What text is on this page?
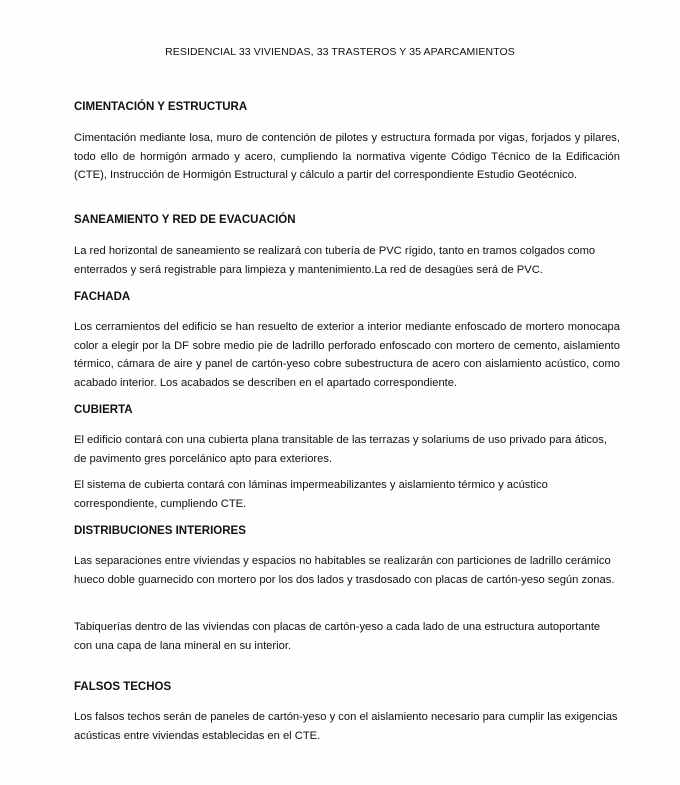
RESIDENCIAL 33 VIVIENDAS, 33 TRASTEROS Y 35 APARCAMIENTOS
CIMENTACIÓN Y ESTRUCTURA

Cimentación mediante losa, muro de contención de pilotes y estructura formada por vigas, forjados y pilares, todo ello de hormigón armado y acero, cumpliendo la normativa vigente Código Técnico de la Edificación (CTE), Instrucción de Hormigón Estructural y cálculo a partir del correspondiente Estudio Geotécnico.

SANEAMIENTO Y RED DE EVACUACIÓN

La red horizontal de saneamiento se realizará con tubería de PVC rígido, tanto en tramos colgados como enterrados y será registrable para limpieza y mantenimiento.La red de desagües será de PVC.

FACHADA

Los cerramientos del edificio se han resuelto de exterior a interior mediante enfoscado de mortero monocapa color a elegir por la DF sobre medio pie de ladrillo perforado enfoscado con mortero de cemento, aislamiento térmico, cámara de aire y panel de cartón-yeso cobre subestructura de acero con aislamiento acústico, como acabado interior. Los acabados se describen en el apartado correspondiente.

CUBIERTA

El edificio contará con una cubierta plana transitable de las terrazas y solariums de uso privado para áticos, de pavimento gres porcelánico apto para exteriores.

El sistema de cubierta contará con láminas impermeabilizantes y aislamiento térmico y acústico correspondiente, cumpliendo CTE.

DISTRIBUCIONES INTERIORES

Las separaciones entre viviendas y espacios no habitables se realizarán con particiones de ladrillo cerámico hueco doble guarnecido con mortero por los dos lados y trasdosado con placas de cartón-yeso según zonas.

Tabiquerías dentro de las viviendas con placas de cartón-yeso a cada lado de una estructura autoportante con una capa de lana mineral en su interior.

FALSOS TECHOS

Los falsos techos serán de paneles de cartón-yeso y con el aislamiento necesario para cumplir las exigencias acústicas entre viviendas establecidas en el CTE.
